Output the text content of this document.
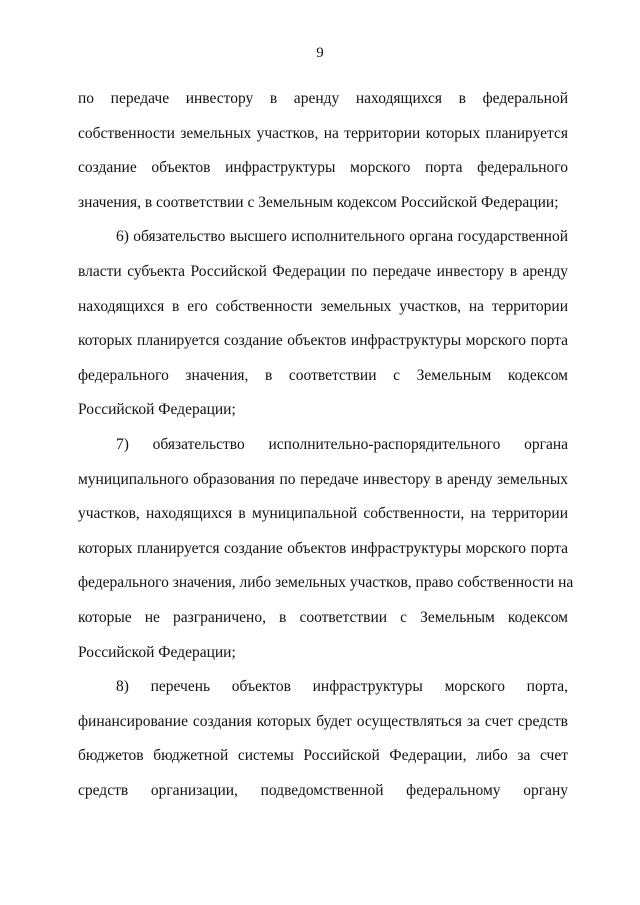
9
по передаче инвестору в аренду находящихся в федеральной
собственности земельных участков, на территории которых планируется
создание объектов инфраструктуры морского порта федерального
значения, в соответствии с Земельным кодексом Российской Федерации;
6) обязательство высшего исполнительного органа государственной
власти субъекта Российской Федерации по передаче инвестору в аренду
находящихся в его собственности земельных участков, на территории
которых планируется создание объектов инфраструктуры морского порта
федерального значения, в соответствии с Земельным кодексом
Российской Федерации;
7) обязательство исполнительно-распорядительного органа
муниципального образования по передаче инвестору в аренду земельных
участков, находящихся в муниципальной собственности, на территории
которых планируется создание объектов инфраструктуры морского порта
федерального значения, либо земельных участков, право собственности на
которые не разграничено, в соответствии с Земельным кодексом
Российской Федерации;
8) перечень объектов инфраструктуры морского порта,
финансирование создания которых будет осуществляться за счет средств
бюджетов бюджетной системы Российской Федерации, либо за счет
средств организации, подведомственной федеральному органу
